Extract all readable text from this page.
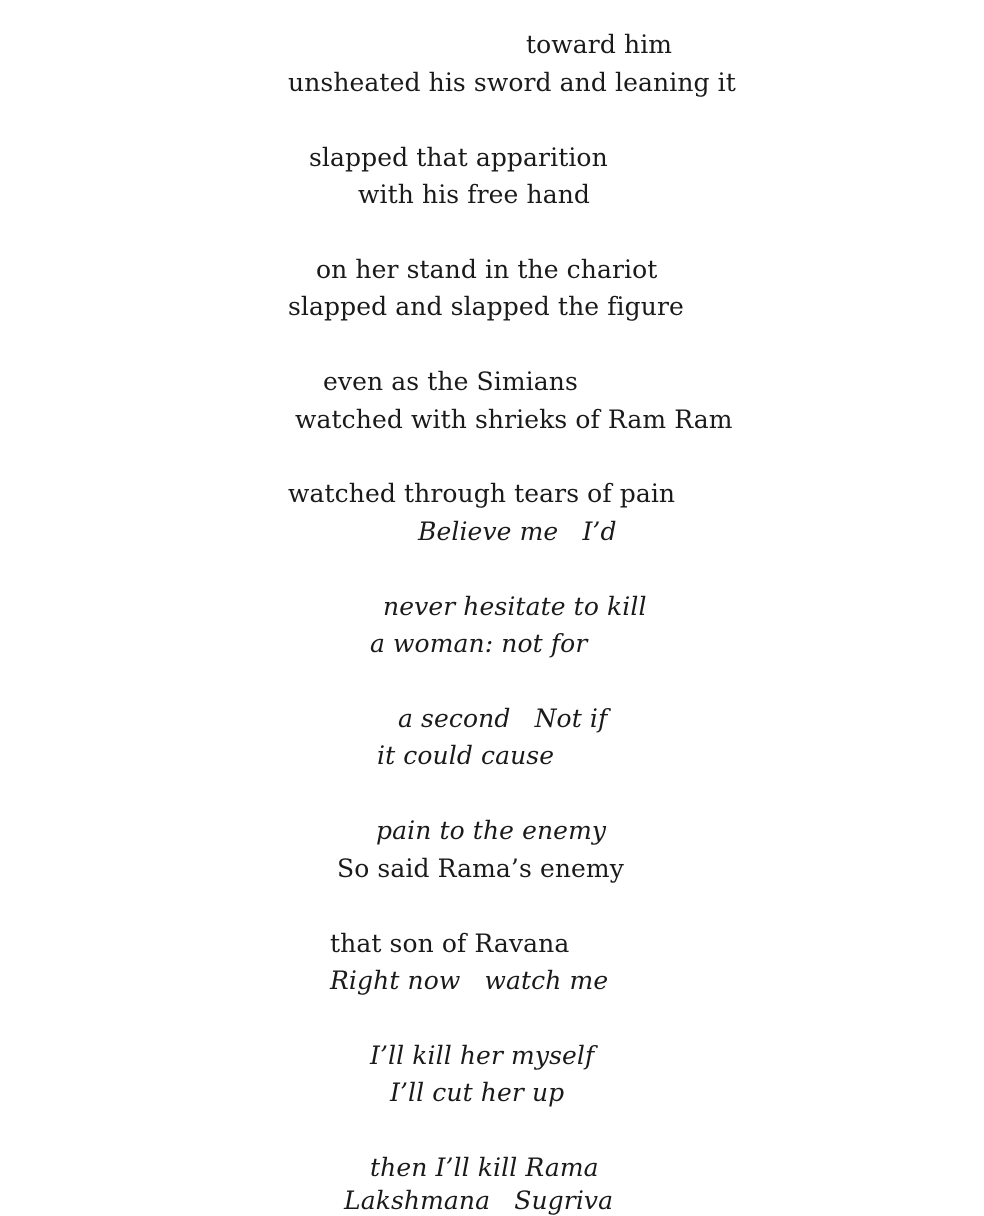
toward him
unsheated his sword and leaning it
slapped that apparition
with his free hand
on her stand in the chariot
slapped and slapped the figure
even as the Simians
watched with shrieks of Ram Ram
watched through tears of pain
Believe me   I’d
never hesitate to kill
a woman: not for
a second   Not if
it could cause
pain to the enemy
So said Rama’s enemy
that son of Ravana
Right now   watch me
I’ll kill her myself
I’ll cut her up
then I’ll kill Rama
Lakshmana   Sugriva
